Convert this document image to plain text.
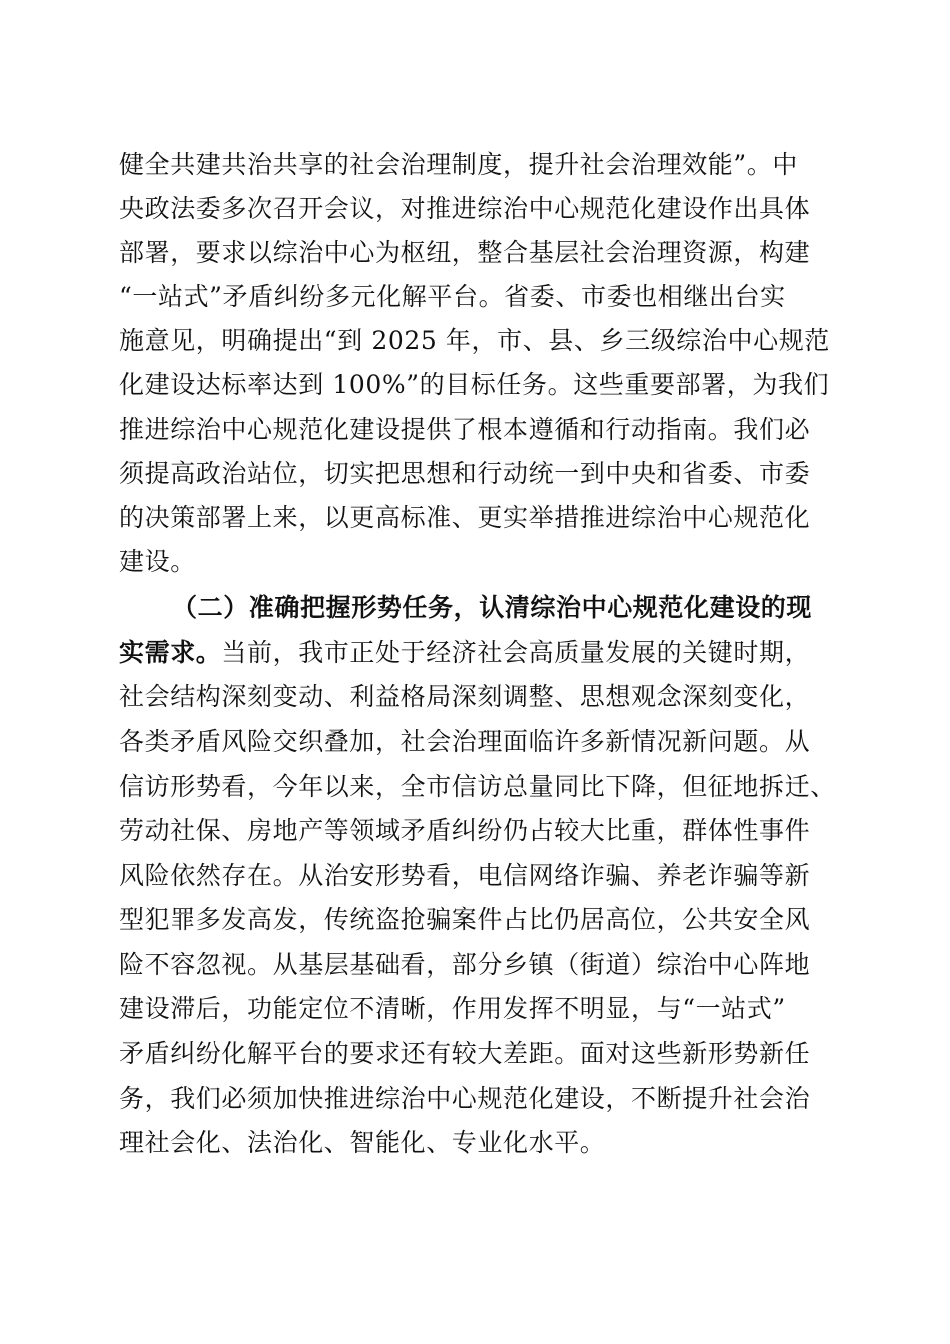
健全共建共治共享的社会治理制度，提升社会治理效能”。中
央政法委多次召开会议，对推进综治中心规范化建设作出具体
部署，要求以综治中心为枢纽，整合基层社会治理资源，构建
“一站式”矛盾纠纷多元化解平台。省委、市委也相继出台实
施意见，明确提出“到 2025 年，市、县、乡三级综治中心规范
化建设达标率达到 100%”的目标任务。这些重要部署，为我们
推进综治中心规范化建设提供了根本遵循和行动指南。我们必
须提高政治站位，切实把思想和行动统一到中央和省委、市委
的决策部署上来，以更高标准、更实举措推进综治中心规范化
建设。
（二）准确把握形势任务，认清综治中心规范化建设的现
实需求。当前，我市正处于经济社会高质量发展的关键时期，
社会结构深刻变动、利益格局深刻调整、思想观念深刻变化，
各类矛盾风险交织叠加，社会治理面临许多新情况新问题。从
信访形势看，今年以来，全市信访总量同比下降，但征地拆迁、
劳动社保、房地产等领域矛盾纠纷仍占较大比重，群体性事件
风险依然存在。从治安形势看，电信网络诈骗、养老诈骗等新
型犯罪多发高发，传统盗抢骗案件占比仍居高位，公共安全风
险不容忽视。从基层基础看，部分乡镇（街道）综治中心阵地
建设滞后，功能定位不清晰，作用发挥不明显，与“一站式”
矛盾纠纷化解平台的要求还有较大差距。面对这些新形势新任
务，我们必须加快推进综治中心规范化建设，不断提升社会治
理社会化、法治化、智能化、专业化水平。
